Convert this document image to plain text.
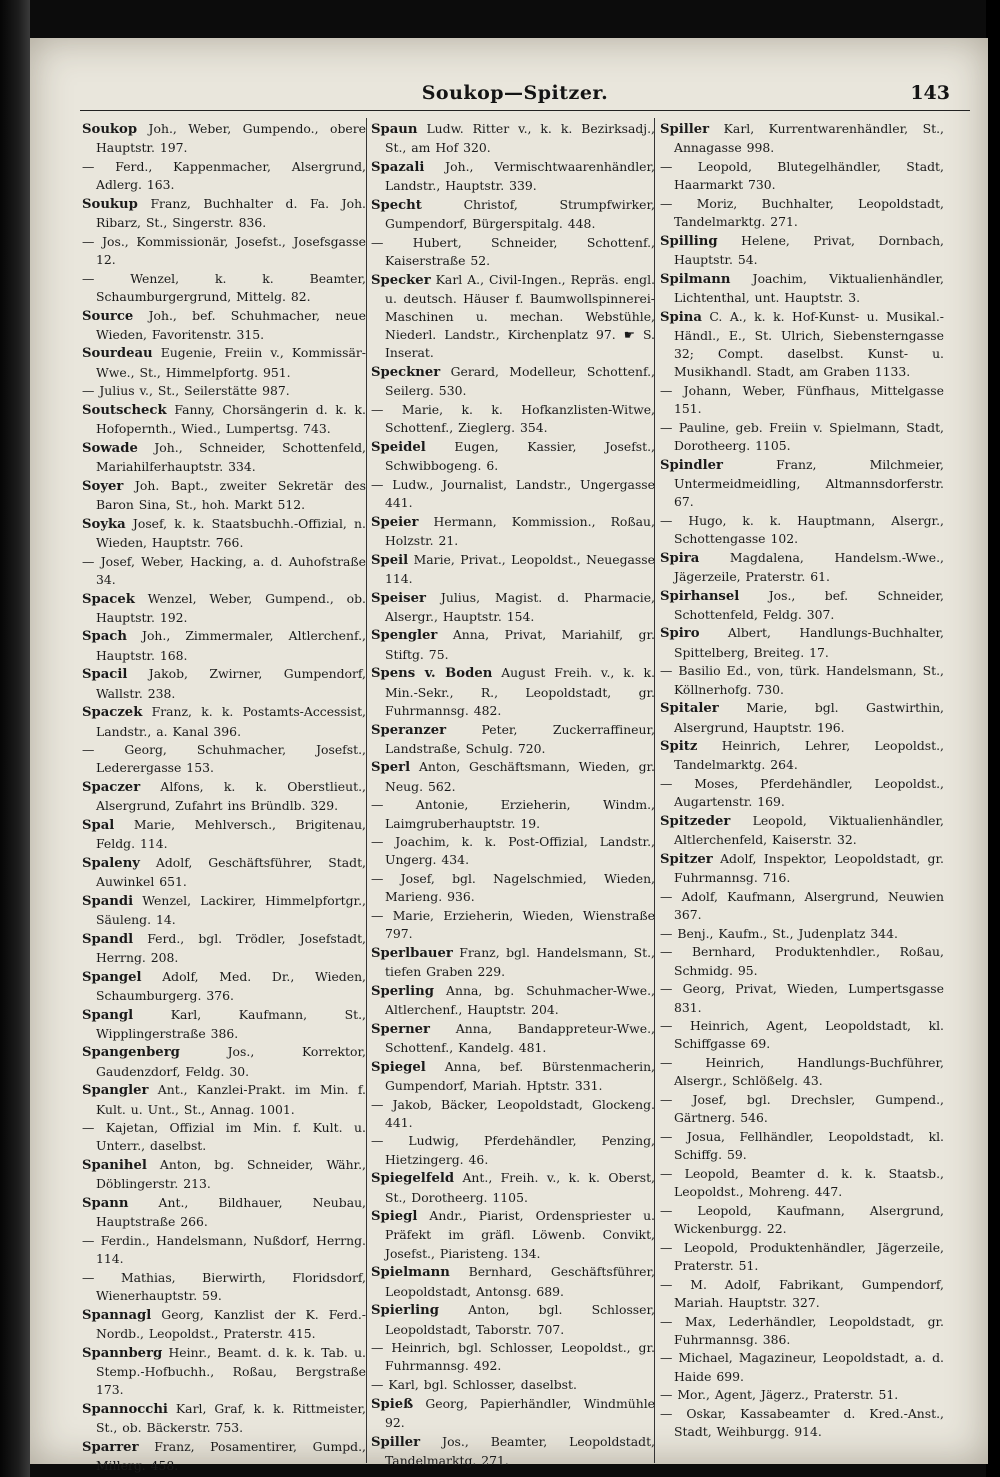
Soukop—Spitzer.	143

Soukop Joh., Weber, Gumpendo., obere Hauptstr. 197.

— Ferd., Kappenmacher, Alsergrund, Adlerg. 163.

Soukup Franz, Buchhalter d. Fa. Joh. Ribarz, St., Singerstr. 836.

— Jos., Kommissionär, Josefst., Josefsgasse 12.

—	Wenzel, k. k. Beamter, Schaumburgergrund, Mittelg. 82.

Source Joh., bef. Schuhmacher, neue Wieden, Favoritenstr. 315.

Sourdeau Eugenie, Freiin v., Kommissär-Wwe., St., Himmelpfortg. 951.

— Julius v., St., Seilerstätte 987.

Soutscheck Fanny, Chorsängerin d. k. k. Hofopernth., Wied., Lumpertsg. 743.

Sowade Joh., Schneider, Schottenfeld, Mariahilferhauptstr. 334.

Soyer Joh. Bapt., zweiter Sekretär des Baron Sina, St., hoh. Markt 512.

Soyka Josef, k. k. Staatsbuchh.-Offizial, n. Wieden, Hauptstr. 766.

— Josef, Weber, Hacking, a. d. Auhofstraße 34.

Spacek Wenzel, Weber, Gumpend., ob. Hauptstr. 192.

Spach Joh., Zimmermaler, Altlerchenf., Hauptstr. 168.

Spacil Jakob, Zwirner, Gumpendorf, Wallstr. 238.

Spaczek Franz, k. k. Postamts-Accessist, Landstr., a. Kanal 396.

— Georg, Schuhmacher, Josefst., Lederergasse 153.

Spaczer Alfons, k. k. Oberstlieut., Alsergrund, Zufahrt ins Bründlb. 329.

Spal Marie, Mehlversch., Brigitenau, Feldg. 114.

Spaleny Adolf, Geschäftsführer, Stadt, Auwinkel 651.

Spandi Wenzel, Lackirer, Himmelpfortgr., Säuleng. 14.

Spandl Ferd., bgl. Trödler, Josefstadt, Herrng. 208.

Spangel Adolf, Med. Dr., Wieden, Schaumburgerg. 376.

Spangl	Karl, Kaufmann, St., Wipplingerstraße 386.

Spangenberg	Jos., Korrektor, Gaudenzdorf, Feldg. 30.

Spangler Ant., Kanzlei-Prakt. im Min. f. Kult. u. Unt., St., Annag. 1001.

— Kajetan, Offizial im Min. f. Kult. u. Unterr., daselbst.

Spanihel Anton, bg. Schneider, Währ., Döblingerstr. 213.

Spann Ant., Bildhauer, Neubau, Hauptstraße 266.

— Ferdin., Handelsmann, Nußdorf, Herrng. 114.

— Mathias, Bierwirth, Floridsdorf, Wienerhauptstr. 59.

Spannagl Georg, Kanzlist der K. Ferd.-Nordb., Leopoldst., Praterstr. 415.

Spannberg Heinr., Beamt. d. k. k. Tab. u. Stemp.-Hofbuchh., Roßau, Bergstraße 173.

Spannocchi Karl, Graf, k. k. Rittmeister, St., ob. Bäckerstr. 753.

Sparrer Franz, Posamentirer, Gumpd., Millerg. 458.

Spaun Ludw. Ritter v., k. k. Bezirksadj., St., am Hof 320.

Spazali Joh., Vermischtwaarenhändler, Landstr., Hauptstr. 339.

Specht	Christof, Strumpfwirker, Gumpendorf, Bürgerspitalg. 448.

— Hubert, Schneider, Schottenf., Kaiserstraße 52.

Specker Karl A., Civil-Ingen., Repräs. engl. u. deutsch. Häuser f. Baumwollspinnerei-Maschinen u. mechan. Webstühle, Niederl. Landstr., Kirchenplatz 97. ☛ S. Inserat.

Speckner Gerard, Modelleur, Schottenf., Seilerg. 530.

— Marie, k. k. Hofkanzlisten-Witwe, Schottenf., Zieglerg. 354.

Speidel Eugen, Kassier, Josefst., Schwibbogeng. 6.

— Ludw., Journalist, Landstr., Ungergasse 441.

Speier Hermann, Kommission., Roßau, Holzstr. 21.

Speil Marie, Privat., Leopoldst., Neuegasse 114.

Speiser Julius, Magist. d. Pharmacie, Alsergr., Hauptstr. 154.

Spengler Anna, Privat, Mariahilf, gr. Stiftg. 75.

Spens v. Boden August Freih. v., k. k. Min.-Sekr., R., Leopoldstadt, gr. Fuhrmannsg. 482.

Speranzer	Peter, Zuckerraffineur, Landstraße, Schulg. 720.

Sperl Anton, Geschäftsmann, Wieden, gr. Neug. 562.

—	Antonie, Erzieherin, Windm., Laimgruberhauptstr. 19.

— Joachim, k. k. Post-Offizial, Landstr., Ungerg. 434.

— Josef, bgl. Nagelschmied, Wieden, Marieng. 936.

— Marie, Erzieherin, Wieden, Wienstraße 797.

Sperlbauer Franz, bgl. Handelsmann, St., tiefen Graben 229.

Sperling Anna, bg. Schuhmacher-Wwe., Altlerchenf., Hauptstr. 204.

Sperner Anna, Bandappreteur-Wwe., Schottenf., Kandelg. 481.

Spiegel Anna, bef. Bürstenmacherin, Gumpendorf, Mariah. Hptstr. 331.

— Jakob, Bäcker, Leopoldstadt, Glockeng. 441.

— Ludwig, Pferdehändler, Penzing, Hietzingerg. 46.

Spiegelfeld Ant., Freih. v., k. k. Oberst, St., Dorotheerg. 1105.

Spiegl Andr., Piarist, Ordenspriester u. Präfekt im gräfl. Löwenb. Convikt, Josefst., Piaristeng. 134.

Spielmann Bernhard, Geschäftsführer, Leopoldstadt, Antonsg. 689.

Spierling Anton, bgl. Schlosser, Leopoldstadt, Taborstr. 707.

— Heinrich, bgl. Schlosser, Leopoldst., gr. Fuhrmannsg. 492.

— Karl, bgl. Schlosser, daselbst.

Spieß Georg, Papierhändler, Windmühle 92.

Spiller Jos., Beamter, Leopoldstadt, Tandelmarktg. 271.

Spiller Karl, Kurrentwarenhändler, St., Annagasse 998.

— Leopold, Blutegelhändler, Stadt, Haarmarkt 730.

— Moriz, Buchhalter, Leopoldstadt, Tandelmarktg. 271.

Spilling Helene, Privat, Dornbach, Hauptstr. 54.

Spilmann Joachim, Viktualienhändler, Lichtenthal, unt. Hauptstr. 3.

Spina C. A., k. k. Hof-Kunst- u. Musikal.-Händl., E., St. Ulrich, Siebensterngasse 32; Compt. daselbst. Kunst- u. Musikhandl. Stadt, am Graben 1133.

— Johann, Weber, Fünfhaus, Mittelgasse 151.

— Pauline, geb. Freiin v. Spielmann, Stadt, Dorotheerg. 1105.

Spindler	Franz, Milchmeier, Untermeidmeidling, Altmannsdorferstr. 67.

— Hugo, k. k. Hauptmann, Alsergr., Schottengasse 102.

Spira Magdalena, Handelsm.-Wwe., Jägerzeile, Praterstr. 61.

Spirhansel Jos., bef. Schneider, Schottenfeld, Feldg. 307.

Spiro Albert, Handlungs-Buchhalter, Spittelberg, Breiteg. 17.

— Basilio Ed., von, türk. Handelsmann, St., Köllnerhofg. 730.

Spitaler Marie, bgl. Gastwirthin, Alsergrund, Hauptstr. 196.

Spitz Heinrich, Lehrer, Leopoldst., Tandelmarktg. 264.

— Moses, Pferdehändler, Leopoldst., Augartenstr. 169.

Spitzeder Leopold, Viktualienhändler, Altlerchenfeld, Kaiserstr. 32.

Spitzer Adolf, Inspektor, Leopoldstadt, gr. Fuhrmannsg. 716.

— Adolf, Kaufmann, Alsergrund, Neuwien 367.

— Benj., Kaufm., St., Judenplatz 344.

— Bernhard, Produktenhdler., Roßau, Schmidg. 95.

— Georg, Privat, Wieden, Lumpertsgasse 831.

— Heinrich, Agent, Leopoldstadt, kl. Schiffgasse 69.

—	Heinrich, Handlungs-Buchführer, Alsergr., Schlößelg. 43.

— Josef, bgl. Drechsler, Gumpend., Gärtnerg. 546.

— Josua, Fellhändler, Leopoldstadt, kl. Schiffg. 59.

— Leopold, Beamter d. k. k. Staatsb., Leopoldst., Mohreng. 447.

— Leopold, Kaufmann, Alsergrund, Wickenburgg. 22.

— Leopold, Produktenhändler, Jägerzeile, Praterstr. 51.

— M. Adolf, Fabrikant, Gumpendorf, Mariah. Hauptstr. 327.

— Max, Lederhändler, Leopoldstadt, gr. Fuhrmannsg. 386.

— Michael, Magazineur, Leopoldstadt, a. d. Haide 699.

— Mor., Agent, Jägerz., Praterstr. 51.

— Oskar, Kassabeamter d. Kred.-Anst., Stadt, Weihburgg. 914.
